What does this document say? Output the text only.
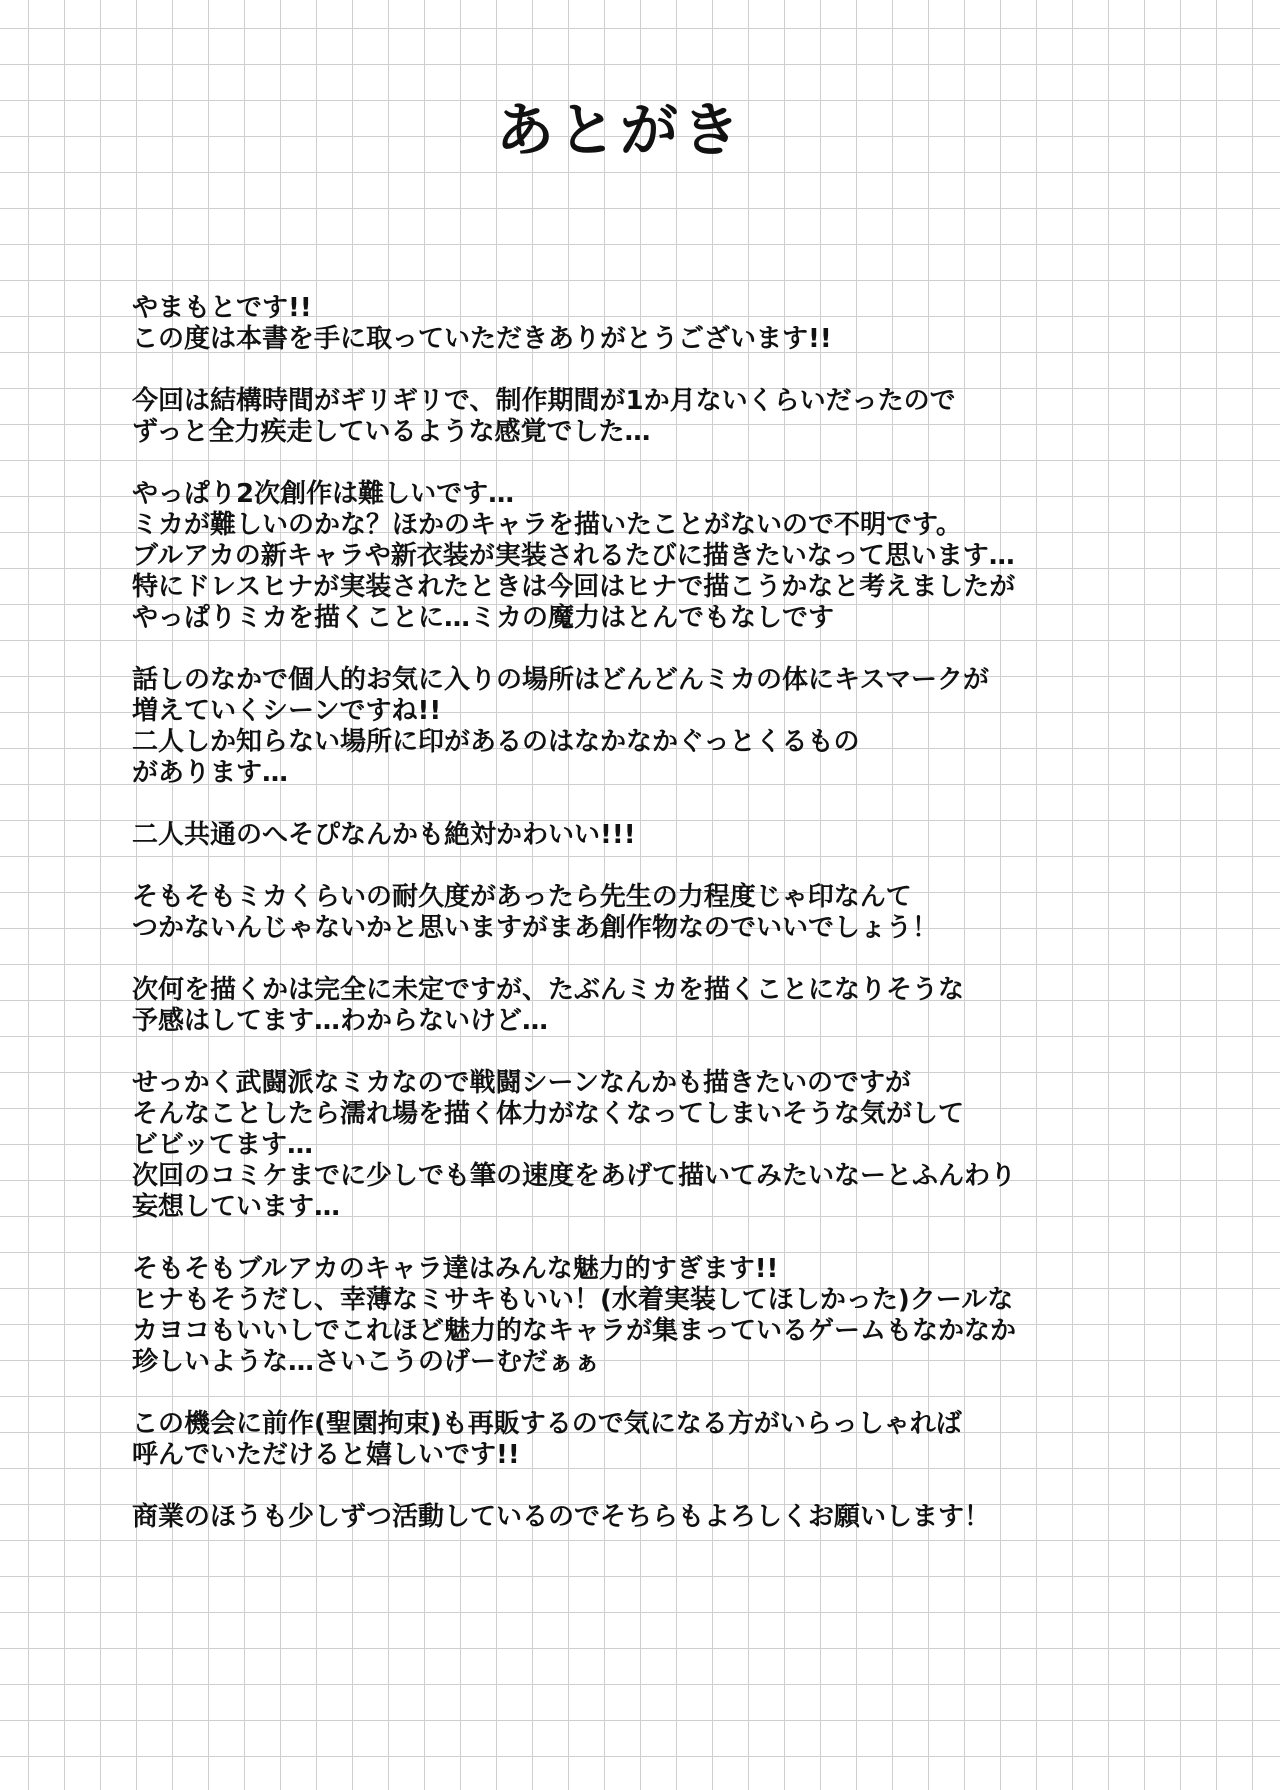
あとがき
やまもとです!!
この度は本書を手に取っていただきありがとうございます!!
今回は結構時間がギリギリで、制作期間が1か月ないくらいだったので
ずっと全力疾走しているような感覚でした…
やっぱり2次創作は難しいです…
ミカが難しいのかな？ほかのキャラを描いたことがないので不明です。
ブルアカの新キャラや新衣装が実装されるたびに描きたいなって思います…
特にドレスヒナが実装されたときは今回はヒナで描こうかなと考えましたが
やっぱりミカを描くことに…ミカの魔力はとんでもなしです
話しのなかで個人的お気に入りの場所はどんどんミカの体にキスマークが
増えていくシーンですね!!
二人しか知らない場所に印があるのはなかなかぐっとくるもの
があります…
二人共通のへそぴなんかも絶対かわいい!!!
そもそもミカくらいの耐久度があったら先生の力程度じゃ印なんて
つかないんじゃないかと思いますがまあ創作物なのでいいでしょう！
次何を描くかは完全に未定ですが、たぶんミカを描くことになりそうな
予感はしてます…わからないけど…
せっかく武闘派なミカなので戦闘シーンなんかも描きたいのですが
そんなことしたら濡れ場を描く体力がなくなってしまいそうな気がして
ビビッてます…
次回のコミケまでに少しでも筆の速度をあげて描いてみたいなーとふんわり
妄想しています…
そもそもブルアカのキャラ達はみんな魅力的すぎます!!
ヒナもそうだし、幸薄なミサキもいい！(水着実装してほしかった)クールな
カヨコもいいしでこれほど魅力的なキャラが集まっているゲームもなかなか
珍しいような…さいこうのげーむだぁぁ
この機会に前作(聖園拘束)も再販するので気になる方がいらっしゃれば
呼んでいただけると嬉しいです!!
商業のほうも少しずつ活動しているのでそちらもよろしくお願いします！
